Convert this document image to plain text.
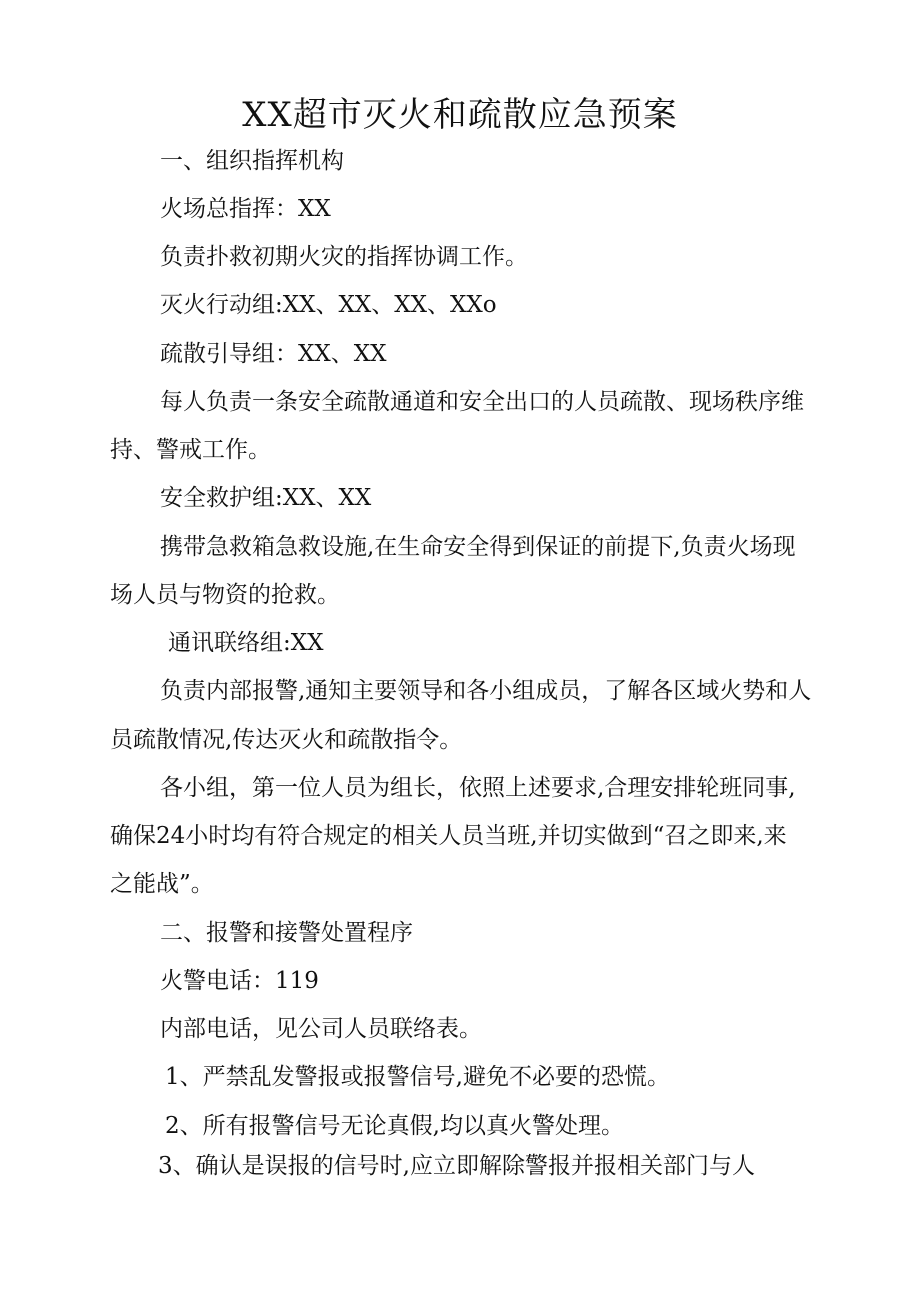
XX超市灭火和疏散应急预案

一、组织指挥机构

火场总指挥：XX

负责扑救初期火灾的指挥协调工作。

灭火行动组:XX、XX、XX、XXo

疏散引导组：XX、XX

每人负责一条安全疏散通道和安全出口的人员疏散、现场秩序维

持、警戒工作。

安全救护组:XX、XX

携带急救箱急救设施,在生命安全得到保证的前提下,负责火场现

场人员与物资的抢救。

通讯联络组:XX

负责内部报警,通知主要领导和各小组成员，了解各区域火势和人

员疏散情况,传达灭火和疏散指令。

各小组，第一位人员为组长，依照上述要求,合理安排轮班同事,

确保24小时均有符合规定的相关人员当班,并切实做到“召之即来,来

之能战”。

二、报警和接警处置程序

火警电话：119

内部电话，见公司人员联络表。

1、严禁乱发警报或报警信号,避免不必要的恐慌。

2、所有报警信号无论真假,均以真火警处理。

3、确认是误报的信号时,应立即解除警报并报相关部门与人
